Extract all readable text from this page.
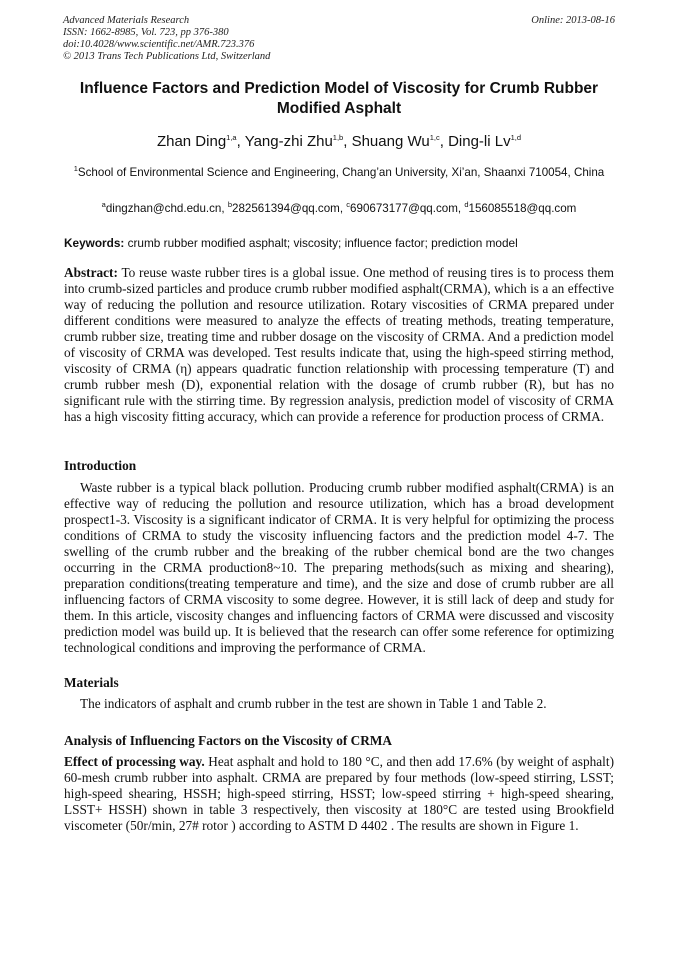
Advanced Materials Research
ISSN: 1662-8985, Vol. 723, pp 376-380
doi:10.4028/www.scientific.net/AMR.723.376
© 2013 Trans Tech Publications Ltd, Switzerland
Online: 2013-08-16
Influence Factors and Prediction Model of Viscosity for Crumb Rubber Modified Asphalt
Zhan Ding$^{1,a}$, Yang-zhi Zhu$^{1,b}$, Shuang Wu$^{1,c}$, Ding-li Lv$^{1,d}$
$^1$School of Environmental Science and Engineering, Chang’an University, Xi’an, Shaanxi 710054, China
$^a$dingzhan@chd.edu.cn, $^b$282561394@qq.com, $^c$690673177@qq.com, $^d$156085518@qq.com
Keywords: crumb rubber modified asphalt; viscosity; influence factor; prediction model
Abstract: To reuse waste rubber tires is a global issue. One method of reusing tires is to process them into crumb-sized particles and produce crumb rubber modified asphalt(CRMA), which is a an effective way of reducing the pollution and resource utilization. Rotary viscosities of CRMA prepared under different conditions were measured to analyze the effects of treating methods, treating temperature, crumb rubber size, treating time and rubber dosage on the viscosity of CRMA. And a prediction model of viscosity of CRMA was developed. Test results indicate that, using the high-speed stirring method, viscosity of CRMA (η) appears quadratic function relationship with processing temperature (T) and crumb rubber mesh (D), exponential relation with the dosage of crumb rubber (R), but has no significant rule with the stirring time. By regression analysis, prediction model of viscosity of CRMA has a high viscosity fitting accuracy, which can provide a reference for production process of CRMA.
Introduction
Waste rubber is a typical black pollution. Producing crumb rubber modified asphalt(CRMA) is an effective way of reducing the pollution and resource utilization, which has a broad development prospect1-3. Viscosity is a significant indicator of CRMA. It is very helpful for optimizing the process conditions of CRMA to study the viscosity influencing factors and the prediction model 4-7. The swelling of the crumb rubber and the breaking of the rubber chemical bond are the two changes occurring in the CRMA production8~10. The preparing methods(such as mixing and shearing), preparation conditions(treating temperature and time), and the size and dose of crumb rubber are all influencing factors of CRMA viscosity to some degree. However, it is still lack of deep and study for them. In this article, viscosity changes and influencing factors of CRMA were discussed and viscosity prediction model was build up. It is believed that the research can offer some reference for optimizing technological conditions and improving the performance of CRMA.
Materials
The indicators of asphalt and crumb rubber in the test are shown in Table 1 and Table 2.
Analysis of Influencing Factors on the Viscosity of CRMA
Effect of processing way. Heat asphalt and hold to 180 °C, and then add 17.6% (by weight of asphalt) 60-mesh crumb rubber into asphalt. CRMA are prepared by four methods (low-speed stirring, LSST; high-speed shearing, HSSH; high-speed stirring, HSST; low-speed stirring + high-speed shearing, LSST+ HSSH) shown in table 3 respectively, then viscosity at 180°C are tested using Brookfield viscometer (50r/min, 27# rotor ) according to ASTM D 4402 . The results are shown in Figure 1.
